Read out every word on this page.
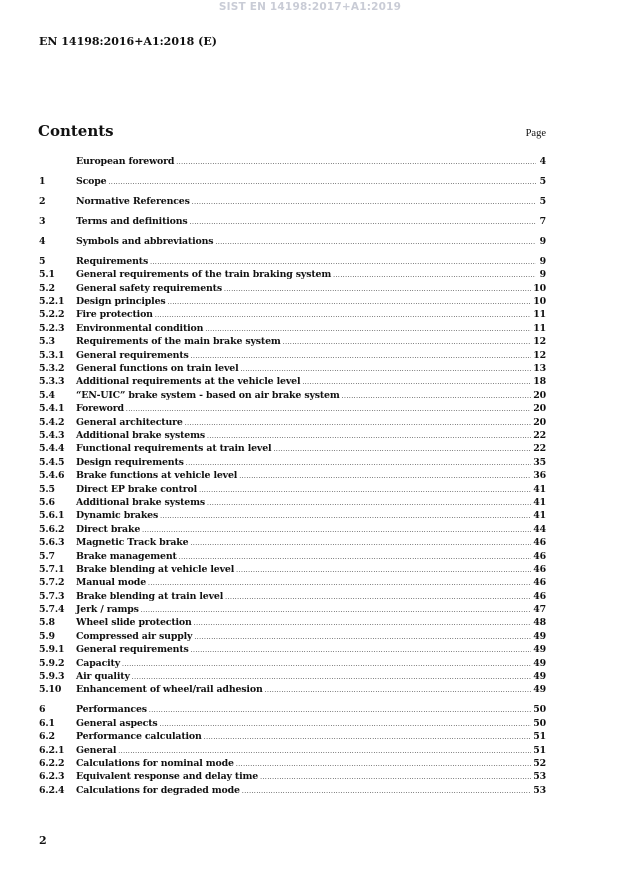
SIST EN 14198:2017+A1:2019
EN 14198:2016+A1:2018 (E)
Contents	Page
European foreword .....	4
1	Scope .....	5
2	Normative References .....	5
3	Terms and definitions .....	7
4	Symbols and abbreviations .....	9
5	Requirements .....	9
5.1	General requirements of the train braking system .....	9
5.2	General safety requirements .....	10
5.2.1	Design principles .....	10
5.2.2	Fire protection .....	11
5.2.3	Environmental condition .....	11
5.3	Requirements of the main brake system .....	12
5.3.1	General requirements .....	12
5.3.2	General functions on train level .....	13
5.3.3	Additional requirements at the vehicle level .....	18
5.4	“EN-UIC” brake system - based on air brake system .....	20
5.4.1	Foreword .....	20
5.4.2	General architecture .....	20
5.4.3	Additional brake systems .....	22
5.4.4	Functional requirements at train level .....	22
5.4.5	Design requirements .....	35
5.4.6	Brake functions at vehicle level .....	36
5.5	Direct EP brake control .....	41
5.6	Additional brake systems .....	41
5.6.1	Dynamic brakes .....	41
5.6.2	Direct brake .....	44
5.6.3	Magnetic Track brake .....	46
5.7	Brake management .....	46
5.7.1	Brake blending at vehicle level .....	46
5.7.2	Manual mode .....	46
5.7.3	Brake blending at train level .....	46
5.7.4	Jerk / ramps .....	47
5.8	Wheel slide protection .....	48
5.9	Compressed air supply .....	49
5.9.1	General requirements .....	49
5.9.2	Capacity .....	49
5.9.3	Air quality .....	49
5.10	Enhancement of wheel/rail adhesion .....	49
6	Performances .....	50
6.1	General aspects .....	50
6.2	Performance calculation .....	51
6.2.1	General .....	51
6.2.2	Calculations for nominal mode .....	52
6.2.3	Equivalent response and delay time .....	53
6.2.4	Calculations for degraded mode .....	53
2
